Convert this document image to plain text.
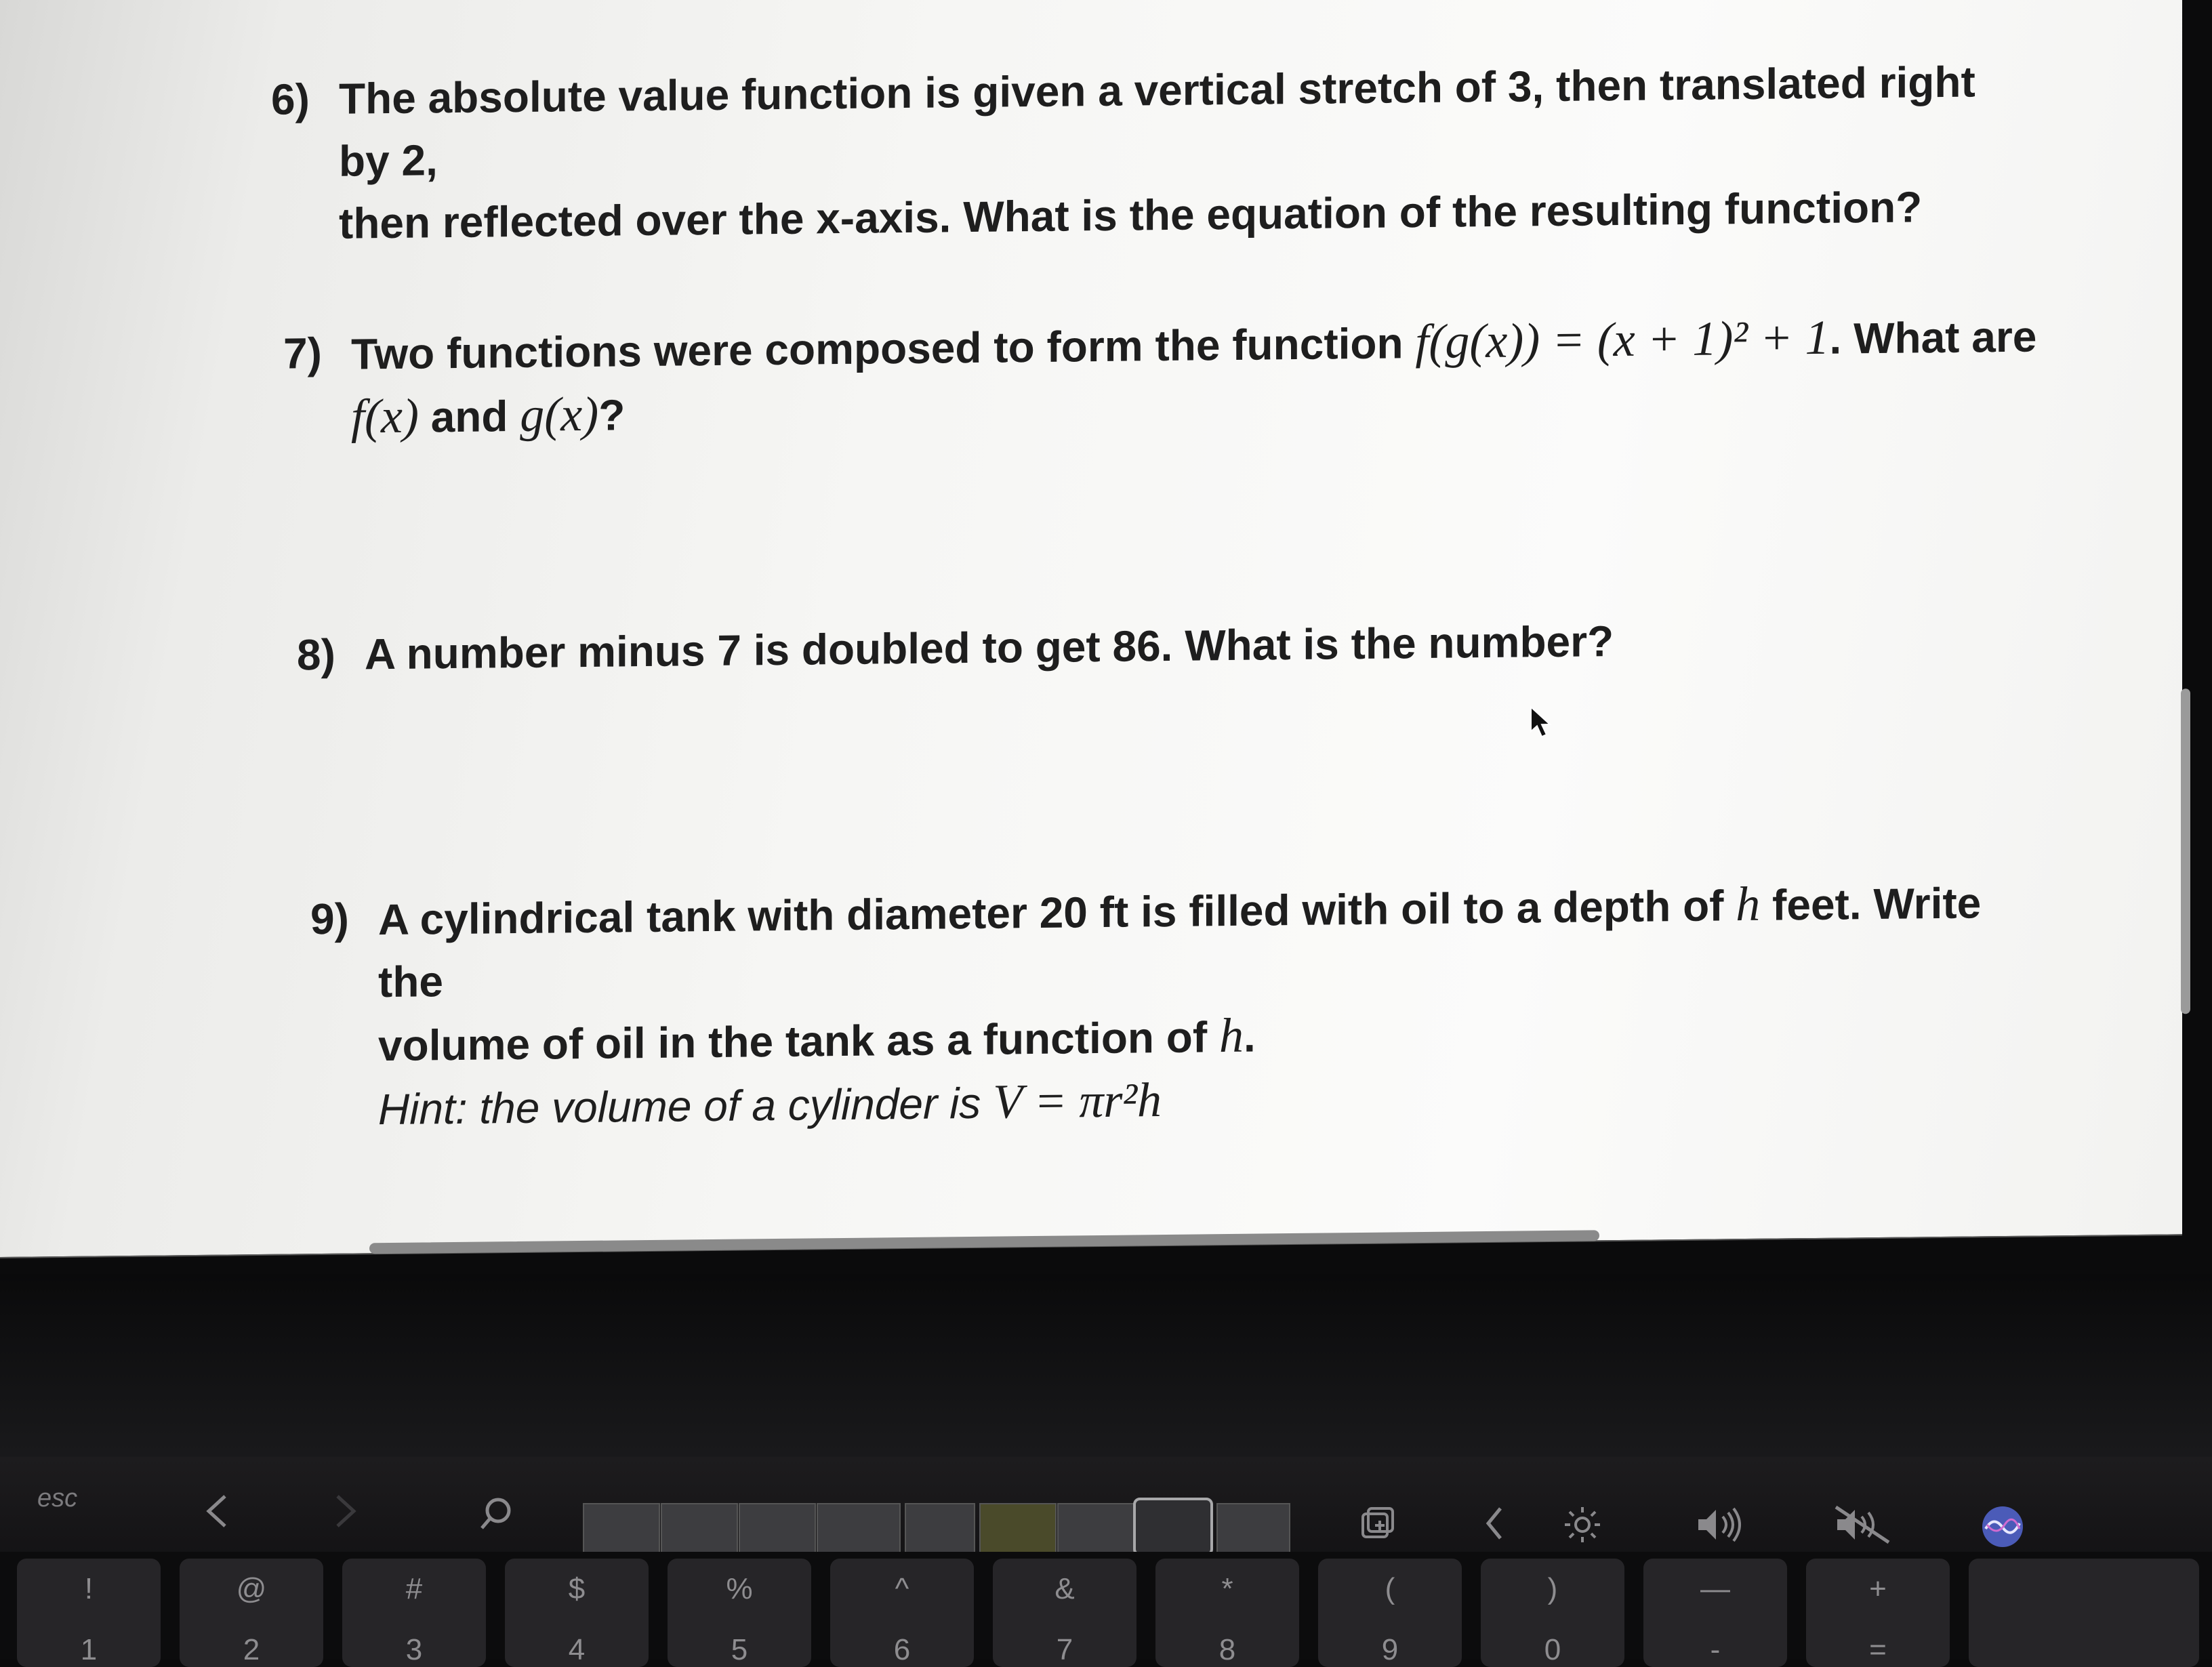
6) The absolute value function is given a vertical stretch of 3, then translated right by 2,
then reflected over the x-axis. What is the equation of the resulting function?
7) Two functions were composed to form the function f(g(x)) = (x + 1)² + 1. What are
f(x) and g(x)?
8) A number minus 7 is doubled to get 86. What is the number?
9) A cylindrical tank with diameter 20 ft is filled with oil to a depth of h feet. Write the
volume of oil in the tank as a function of h.
Hint: the volume of a cylinder is V = πr²h
esc
!
1
@
2
#
3
$
4
%
5
^
6
&
7
*
8
(
9
)
0
—
-
+
=
